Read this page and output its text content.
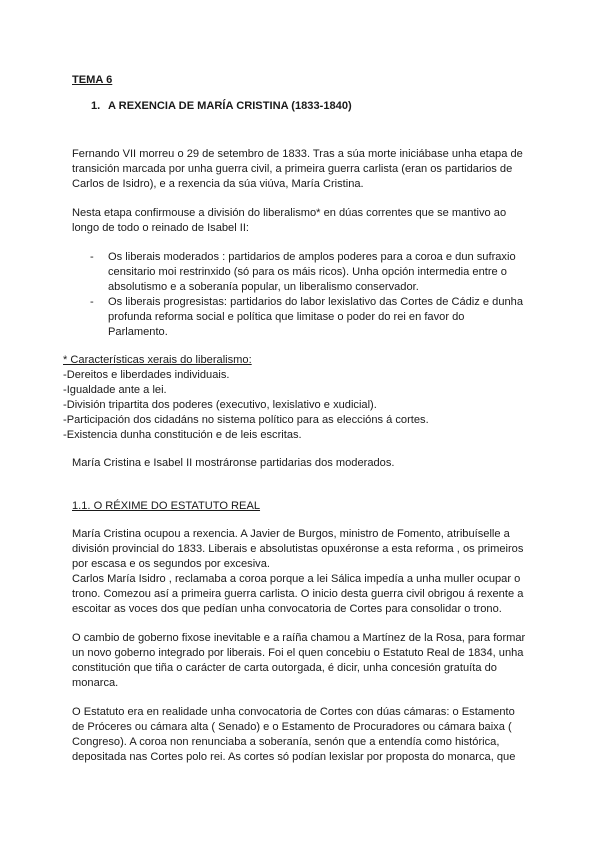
TEMA 6

1. A REXENCIA DE MARÍA CRISTINA (1833-1840)

Fernando VII morreu o 29 de setembro de 1833. Tras a súa morte iniciábase unha etapa de

transición marcada por unha guerra civil, a primeira guerra carlista (eran os partidarios de

Carlos de Isidro), e a rexencia da súa viúva, María Cristina.

Nesta etapa confirmouse a división do liberalismo* en dúas correntes que se mantivo ao

longo de todo o reinado de Isabel II:

- Os liberais moderados : partidarios de amplos poderes para a coroa e dun sufraxio

censitario moi restrinxido (só para os máis ricos). Unha opción intermedia entre o

absolutismo e a soberanía popular, un liberalismo conservador.

- Os liberais progresistas: partidarios do labor lexislativo das Cortes de Cádiz e dunha

profunda reforma social e política que limitase o poder do rei en favor do

Parlamento.

* Características xerais do liberalismo:

-Dereitos e liberdades individuais.

-Igualdade ante a lei.

-División tripartita dos poderes (executivo, lexislativo e xudicial).

-Participación dos cidadáns no sistema político para as eleccións á cortes.

-Existencia dunha constitución e de leis escritas.

María Cristina e Isabel II mostráronse partidarias dos moderados.

1.1. O RÉXIME DO ESTATUTO REAL

María Cristina ocupou a rexencia. A Javier de Burgos, ministro de Fomento, atribuíselle a

división provincial do 1833. Liberais e absolutistas opuxéronse a esta reforma , os primeiros

por escasa e os segundos por excesiva.

Carlos María Isidro , reclamaba a coroa porque a lei Sálica impedía a unha muller ocupar o

trono. Comezou así a primeira guerra carlista. O inicio desta guerra civil obrigou á rexente a

escoitar as voces dos que pedían unha convocatoria de Cortes para consolidar o trono.

O cambio de goberno fixose inevitable e a raíña chamou a Martínez de la Rosa, para formar

un novo goberno integrado por liberais. Foi el quen concebiu o Estatuto Real de 1834, unha

constitución que tiña o carácter de carta outorgada, é dicir, unha concesión gratuíta do

monarca.

O Estatuto era en realidade unha convocatoria de Cortes con dúas cámaras: o Estamento

de Próceres ou cámara alta ( Senado) e o Estamento de Procuradores ou cámara baixa (

Congreso). A coroa non renunciaba a soberanía, senón que a entendía como histórica,

depositada nas Cortes polo rei. As cortes só podían lexislar por proposta do monarca, que
